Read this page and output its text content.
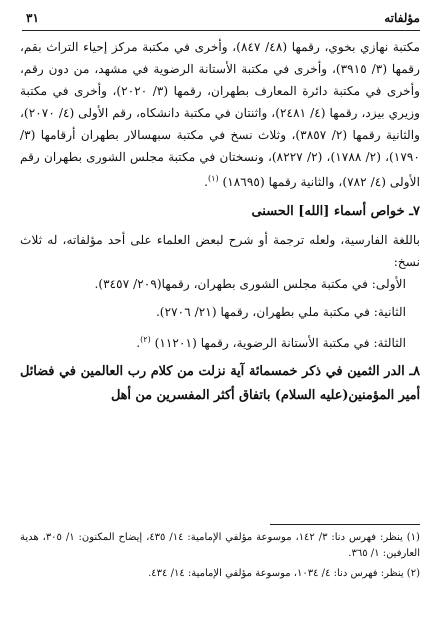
مؤلفاته
٣١

مكتبة نهازي بخوي، رقمها (٤٨/ ٨٤٧)، وأخرى في مكتبة مركز إحياء التراث بقم، رقمها (٣/ ٣٩١٥)، وأخرى في مكتبة الأستانة الرضوية في مشهد، من دون رقم، وأخرى في مكتبة دائرة المعارف بطهران، رقمها (٣/ ٢٠٢٠)، وأخرى في مكتبة وزيري بيزد، رقمها (٤/ ٢٤٨١)، واثنتان في مكتبة دانشكاه، رقم الأولى (٤/ ٢٠٧٠)، والثانية رقمها (٢/ ٣٨٥٧)، وثلاث نسخ في مكتبة سبهسالار بطهران أرقامها (٣/ ١٧٩٠)، (٢/ ١٧٨٨)، (٢/ ٨٢٢٧)، ونسختان في مكتبة مجلس الشورى بطهران رقم الأولى (٤/ ٧٨٢)، والثانية رقمها (١٨٦٩٥) $^{(١)}$.

٧ـ خواص أسماء [الله] الحسنى

باللغة الفارسية، ولعله ترجمة أو شرح لبعض العلماء على أحد مؤلفاته، له ثلاث نسخ:

الأولى: في مكتبة مجلس الشورى بطهران، رقمها(٢٠٩/ ٣٤٥٧).
الثانية: في مكتبة ملي بطهران، رقمها (٢١/ ٢٧٠٦).
الثالثة: في مكتبة الأستانة الرضوية، رقمها (١١٢٠١) $^{(٢)}$.

٨ـ الدر الثمين في ذكر خمسمائة آية نزلت من كلام رب العالمين في فضائل أمير المؤمنين(عليه السلام) باتفاق أكثر المفسرين من أهل

(١) ينظر: فهرس دنا: ٣/ ١٤٢، موسوعة مؤلفي الإمامية: ١٤/ ٤٣٥، إيضاح المكنون: ١/ ٣٠٥، هدية العارفين: ١/ ٣٦٥.

(٢) ينظر: فهرس دنا: ٤/ ١٠٣٤، موسوعة مؤلفي الإمامية: ١٤/ ٤٣٤.
